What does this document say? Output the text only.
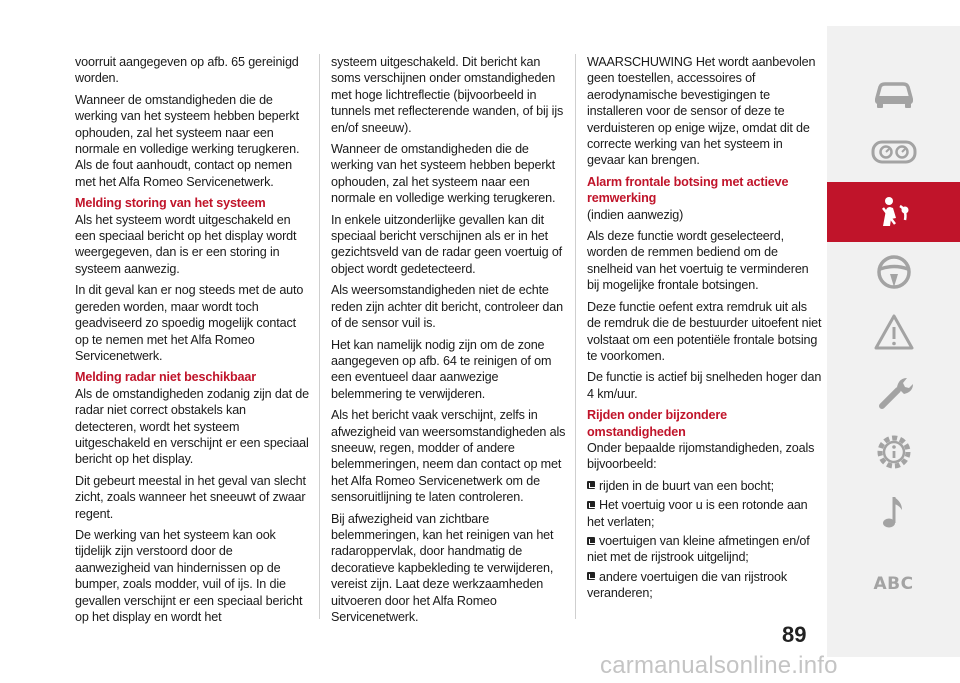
voorruit aangegeven op afb. 65 gereinigd worden.

Wanneer de omstandigheden die de werking van het systeem hebben beperkt ophouden, zal het systeem naar een normale en volledige werking terugkeren. Als de fout aanhoudt, contact op nemen met het Alfa Romeo Servicenetwerk.

Melding storing van het systeem

Als het systeem wordt uitgeschakeld en een speciaal bericht op het display wordt weergegeven, dan is er een storing in systeem aanwezig.

In dit geval kan er nog steeds met de auto gereden worden, maar wordt toch geadviseerd zo spoedig mogelijk contact op te nemen met het Alfa Romeo Servicenetwerk.

Melding radar niet beschikbaar

Als de omstandigheden zodanig zijn dat de radar niet correct obstakels kan detecteren, wordt het systeem uitgeschakeld en verschijnt er een speciaal bericht op het display.

Dit gebeurt meestal in het geval van slecht zicht, zoals wanneer het sneeuwt of zwaar regent.

De werking van het systeem kan ook tijdelijk zijn verstoord door de aanwezigheid van hindernissen op de bumper, zoals modder, vuil of ijs. In die gevallen verschijnt er een speciaal bericht op het display en wordt het

systeem uitgeschakeld. Dit bericht kan soms verschijnen onder omstandigheden met hoge lichtreflectie (bijvoorbeeld in tunnels met reflecterende wanden, of bij ijs en/of sneeuw).

Wanneer de omstandigheden die de werking van het systeem hebben beperkt ophouden, zal het systeem naar een normale en volledige werking terugkeren.

In enkele uitzonderlijke gevallen kan dit speciaal bericht verschijnen als er in het gezichtsveld van de radar geen voertuig of object wordt gedetecteerd.

Als weersomstandigheden niet de echte reden zijn achter dit bericht, controleer dan of de sensor vuil is.

Het kan namelijk nodig zijn om de zone aangegeven op afb. 64 te reinigen of om een eventueel daar aanwezige belemmering te verwijderen.

Als het bericht vaak verschijnt, zelfs in afwezigheid van weersomstandigheden als sneeuw, regen, modder of andere belemmeringen, neem dan contact op met het Alfa Romeo Servicenetwerk om de sensoruitlijning te laten controleren.

Bij afwezigheid van zichtbare belemmeringen, kan het reinigen van het radaroppervlak, door handmatig de decoratieve kapbekleding te verwijderen, vereist zijn. Laat deze werkzaamheden uitvoeren door het Alfa Romeo Servicenetwerk.

WAARSCHUWING Het wordt aanbevolen geen toestellen, accessoires of aerodynamische bevestigingen te installeren voor de sensor of deze te verduisteren op enige wijze, omdat dit de correcte werking van het systeem in gevaar kan brengen.

Alarm frontale botsing met actieve remwerking

(indien aanwezig)

Als deze functie wordt geselecteerd, worden de remmen bediend om de snelheid van het voertuig te verminderen bij mogelijke frontale botsingen.

Deze functie oefent extra remdruk uit als de remdruk die de bestuurder uitoefent niet volstaat om een potentiële frontale botsing te voorkomen.

De functie is actief bij snelheden hoger dan 4 km/uur.

Rijden onder bijzondere omstandigheden

Onder bepaalde rijomstandigheden, zoals bijvoorbeeld:

rijden in de buurt van een bocht;
Het voertuig voor u is een rotonde aan het verlaten;
voertuigen van kleine afmetingen en/of niet met de rijstrook uitgelijnd;
andere voertuigen die van rijstrook veranderen;
89
ABC
carmanualsonline.info
